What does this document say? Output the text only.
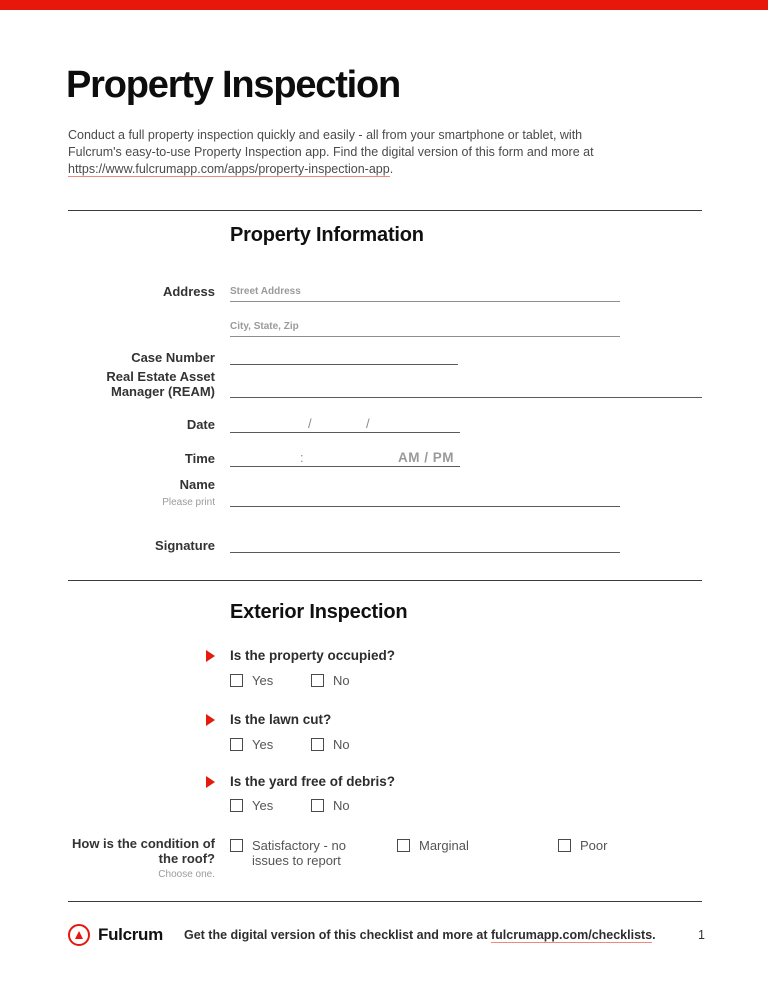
Property Inspection

Conduct a full property inspection quickly and easily - all from your smartphone or tablet, with Fulcrum's easy-to-use Property Inspection app. Find the digital version of this form and more at https://www.fulcrumapp.com/apps/property-inspection-app.

Property Information
Address Street Address
City, State, Zip
Case Number
Real Estate Asset
Manager (REAM)
Date	/	/
Time	:	AM / PM
Name
Please print
Signature
Exterior Inspection
Is the property occupied?
Yes	No
Is the lawn cut?
Yes	No
Is the yard free of debris?
Yes	No
How is the condition of
the roof?
Choose one.
Satisfactory - no issues to report
Marginal	Poor
Fulcrum Get the digital version of this checklist and more at fulcrumapp.com/checklists.	1
